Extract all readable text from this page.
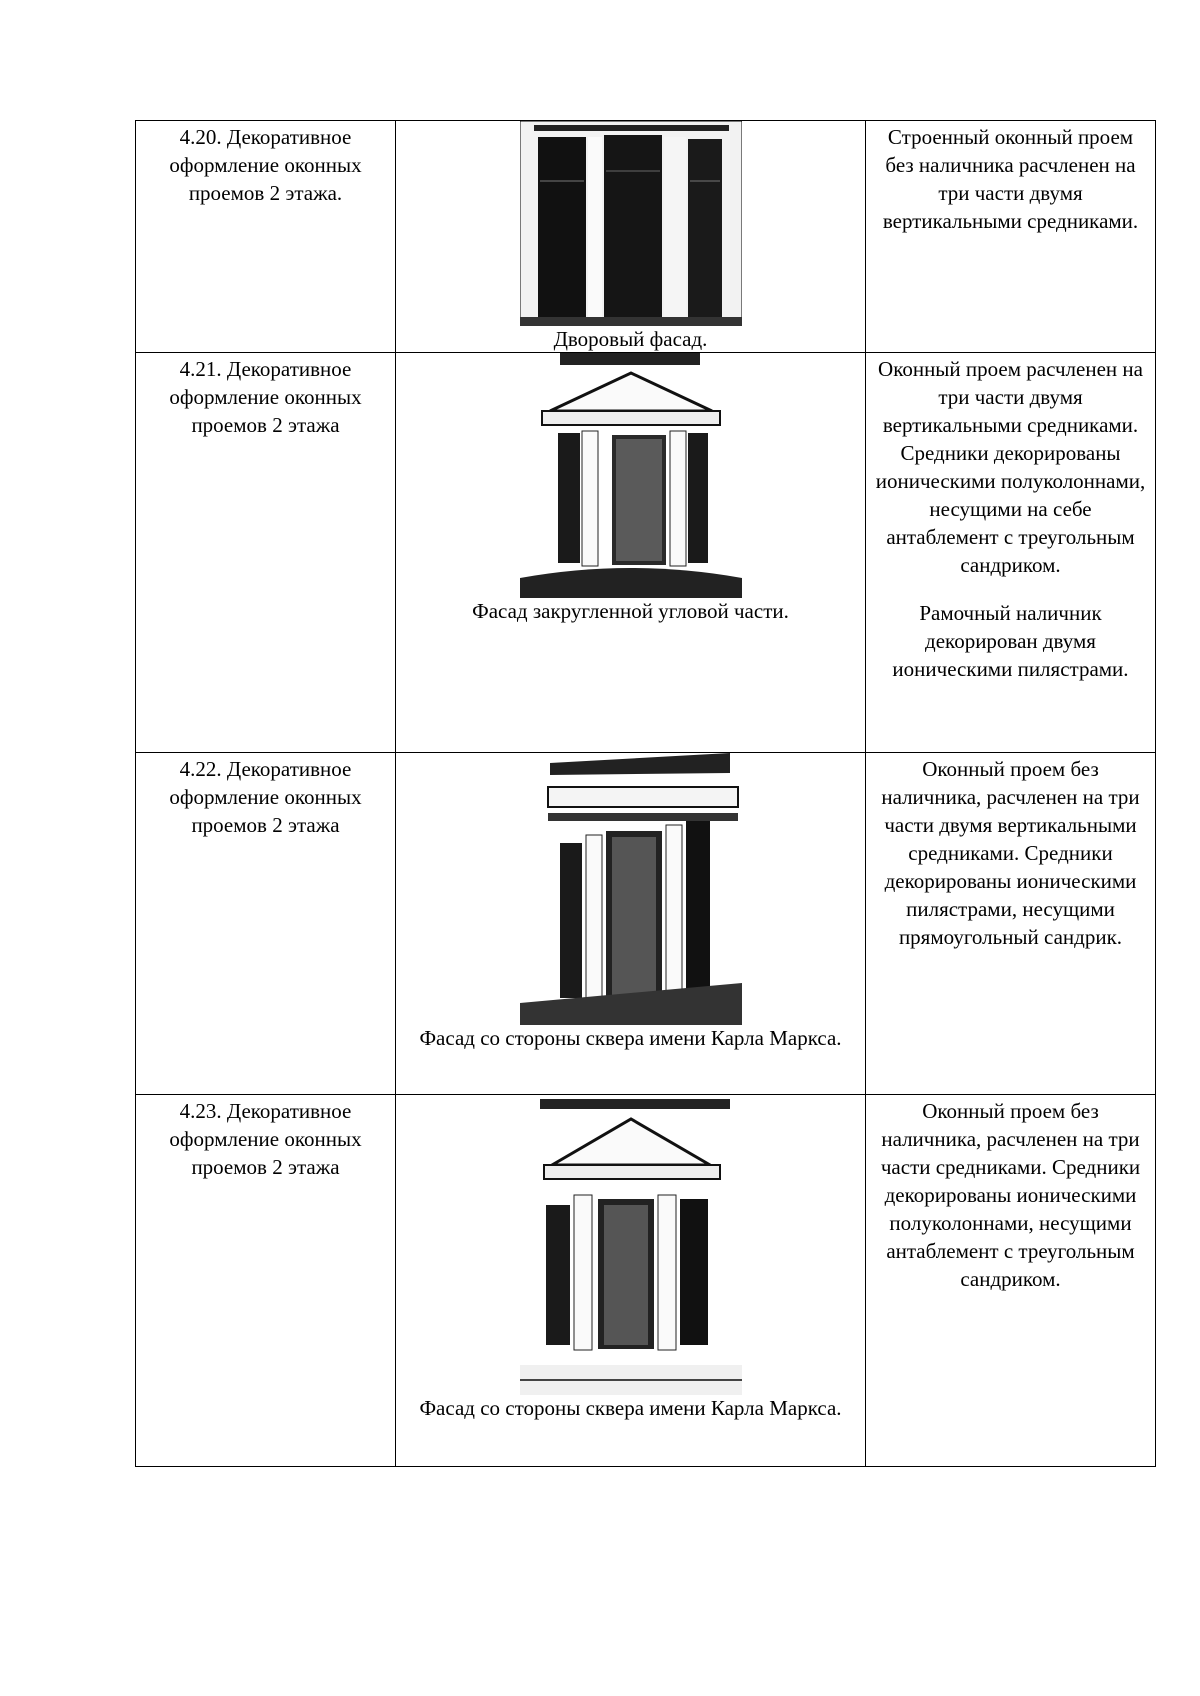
4.20. Декоративное оформление оконных проемов 2 этажа.	Дворовый фасад.	Строенный оконный проем без наличника расчленен на три части двумя вертикальными средниками.

4.21. Декоративное оформление оконных проемов 2 этажа	Фасад закругленной угловой части.	Оконный проем расчленен на три части двумя вертикальными средниками. Средники декорированы ионическими полуколоннами, несущими на себе антаблемент с треугольным сандриком.

Рамочный наличник декорирован двумя ионическими пилястрами.

4.22. Декоративное оформление оконных проемов 2 этажа	Фасад со стороны сквера имени Карла Маркса.	Оконный проем без наличника, расчленен на три части двумя вертикальными средниками. Средники декорированы ионическими пилястрами, несущими прямоугольный сандрик.

4.23. Декоративное оформление оконных проемов 2 этажа	Фасад со стороны сквера имени Карла Маркса.	Оконный проем без наличника, расчленен на три части средниками. Средники декорированы ионическими полуколоннами, несущими антаблемент с треугольным сандриком.
